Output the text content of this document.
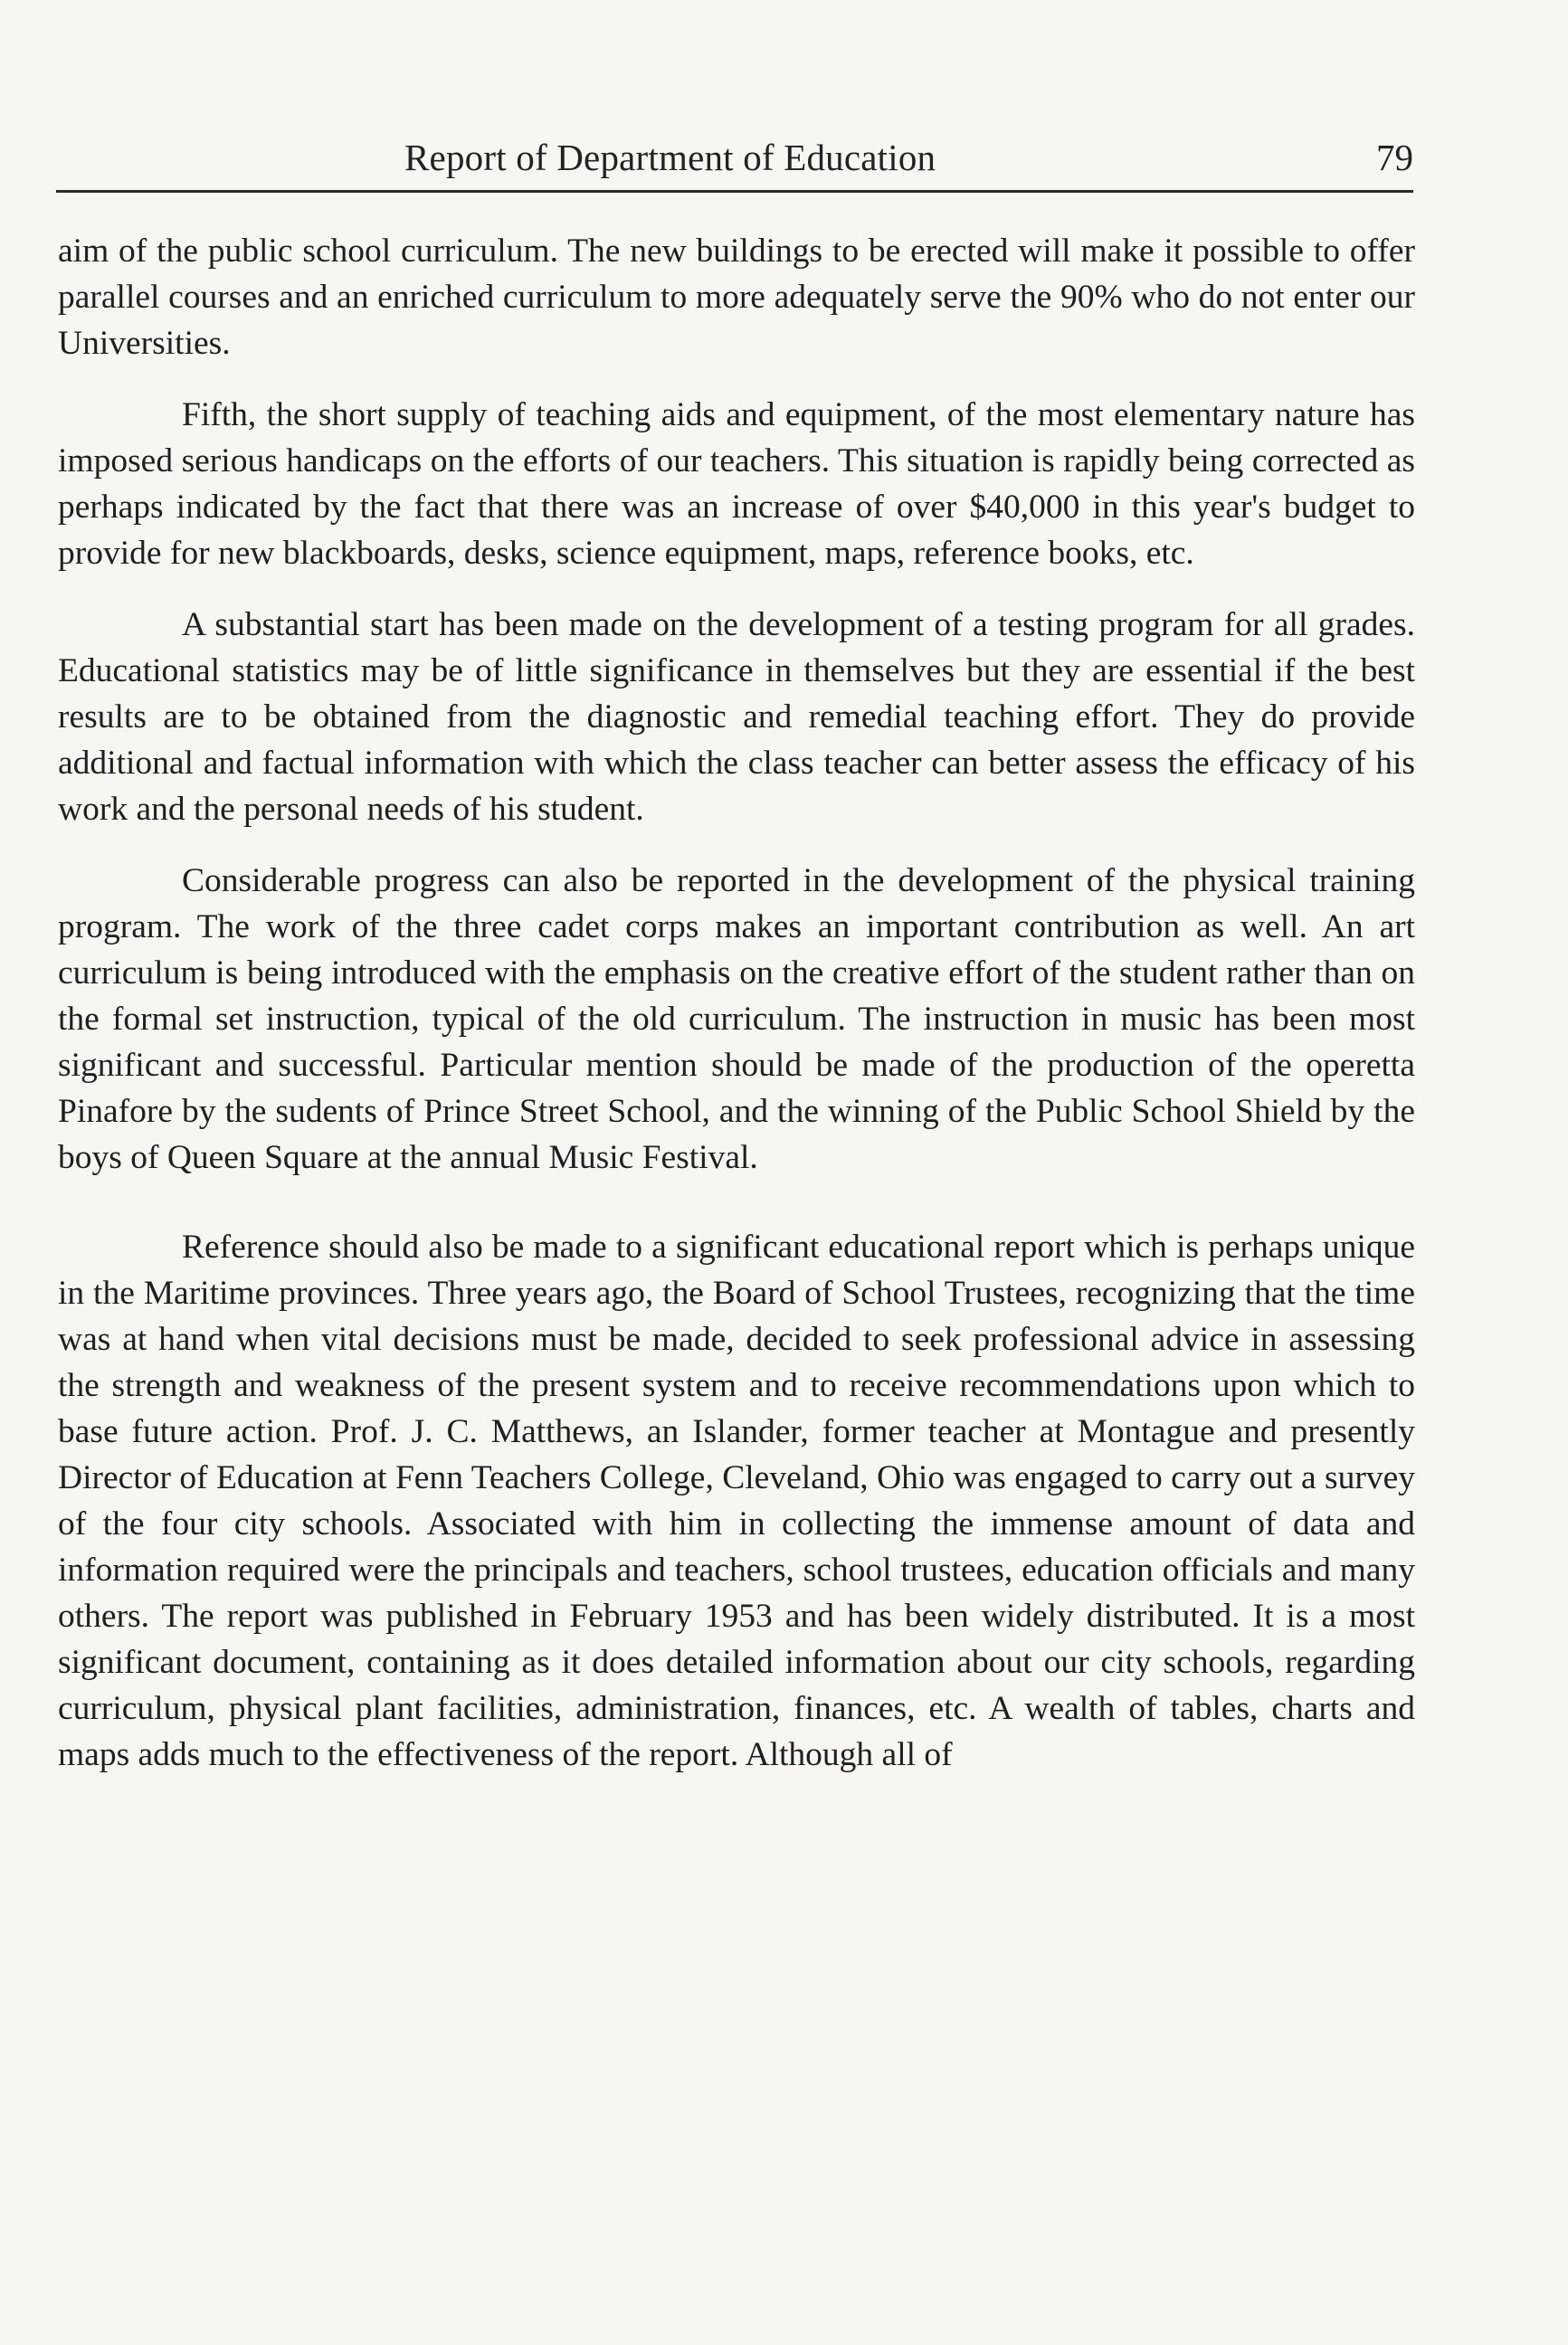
Report of Department of Education	79

aim of the public school curriculum. The new buildings to be erected will make it possible to offer parallel courses and an enriched curriculum to more adequately serve the 90% who do not enter our Universities.

Fifth, the short supply of teaching aids and equipment, of the most elementary nature has imposed serious handicaps on the efforts of our teachers. This situation is rapidly being corrected as perhaps indicated by the fact that there was an increase of over $40,000 in this year's budget to provide for new blackboards, desks, science equipment, maps, reference books, etc.

A substantial start has been made on the development of a testing program for all grades. Educational statistics may be of little significance in themselves but they are essential if the best results are to be obtained from the diagnostic and remedial teaching effort. They do provide additional and factual information with which the class teacher can better assess the efficacy of his work and the personal needs of his student.

Considerable progress can also be reported in the development of the physical training program. The work of the three cadet corps makes an important contribution as well. An art curriculum is being introduced with the emphasis on the creative effort of the student rather than on the formal set instruction, typical of the old curriculum. The instruction in music has been most significant and successful. Particular mention should be made of the production of the operetta Pinafore by the sudents of Prince Street School, and the winning of the Public School Shield by the boys of Queen Square at the annual Music Festival.

Reference should also be made to a significant educational report which is perhaps unique in the Maritime provinces. Three years ago, the Board of School Trustees, recognizing that the time was at hand when vital decisions must be made, decided to seek professional advice in assessing the strength and weakness of the present system and to receive recommendations upon which to base future action. Prof. J. C. Matthews, an Islander, former teacher at Montague and presently Director of Education at Fenn Teachers College, Cleveland, Ohio was engaged to carry out a survey of the four city schools. Associated with him in collecting the immense amount of data and information required were the principals and teachers, school trustees, education officials and many others. The report was published in February 1953 and has been widely distributed. It is a most significant document, containing as it does detailed information about our city schools, regarding curriculum, physical plant facilities, administration, finances, etc. A wealth of tables, charts and maps adds much to the effectiveness of the report. Although all of
